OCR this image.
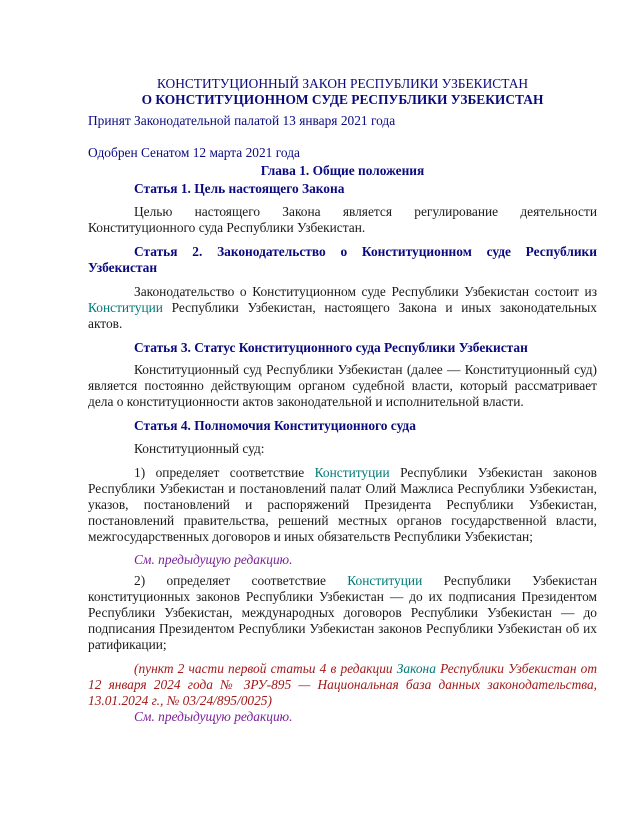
КОНСТИТУЦИОННЫЙ ЗАКОН РЕСПУБЛИКИ УЗБЕКИСТАН
О КОНСТИТУЦИОННОМ СУДЕ РЕСПУБЛИКИ УЗБЕКИСТАН
Принят Законодательной палатой 13 января 2021 года
Одобрен Сенатом 12 марта 2021 года
Глава 1. Общие положения
Статья 1. Цель настоящего Закона
Целью настоящего Закона является регулирование деятельности Конституционного суда Республики Узбекистан.
Статья 2. Законодательство о Конституционном суде Республики Узбекистан
Законодательство о Конституционном суде Республики Узбекистан состоит из Конституции Республики Узбекистан, настоящего Закона и иных законодательных актов.
Статья 3. Статус Конституционного суда Республики Узбекистан
Конституционный суд Республики Узбекистан (далее — Конституционный суд) является постоянно действующим органом судебной власти, который рассматривает дела о конституционности актов законодательной и исполнительной власти.
Статья 4. Полномочия Конституционного суда
Конституционный суд:
1) определяет соответствие Конституции Республики Узбекистан законов Республики Узбекистан и постановлений палат Олий Мажлиса Республики Узбекистан, указов, постановлений и распоряжений Президента Республики Узбекистан, постановлений правительства, решений местных органов государственной власти, межгосударственных договоров и иных обязательств Республики Узбекистан;
См. предыдущую редакцию.
2) определяет соответствие Конституции Республики Узбекистан конституционных законов Республики Узбекистан — до их подписания Президентом Республики Узбекистан, международных договоров Республики Узбекистан — до подписания Президентом Республики Узбекистан законов Республики Узбекистан об их ратификации;
(пункт 2 части первой статьи 4 в редакции Закона Республики Узбекистан от 12 января 2024 года № ЗРУ-895 — Национальная база данных законодательства, 13.01.2024 г., № 03/24/895/0025)
См. предыдущую редакцию.
